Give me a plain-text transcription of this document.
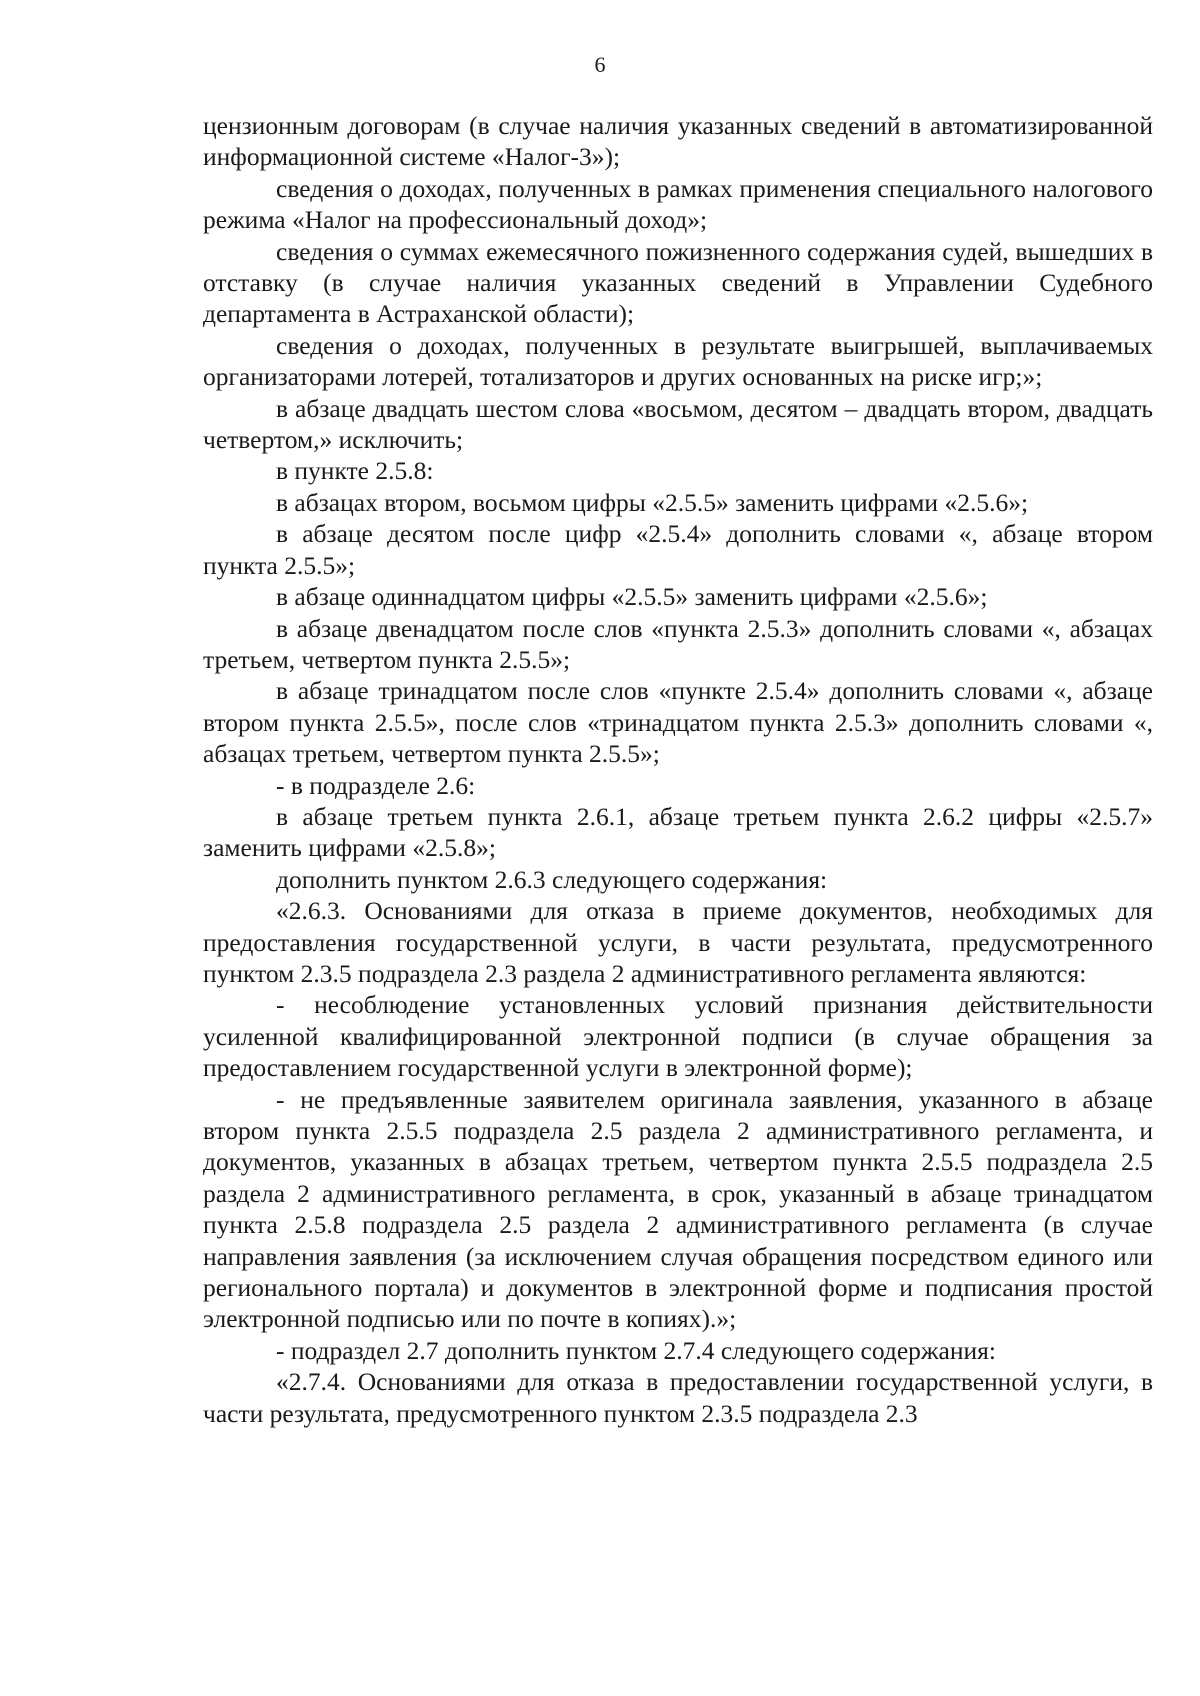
6

цензионным договорам (в случае наличия указанных сведений в автоматизированной информационной системе «Налог-3»);

сведения о доходах, полученных в рамках применения специального налогового режима «Налог на профессиональный доход»;

сведения о суммах ежемесячного пожизненного содержания судей, вышедших в отставку (в случае наличия указанных сведений в Управлении Судебного департамента в Астраханской области);

сведения о доходах, полученных в результате выигрышей, выплачиваемых организаторами лотерей, тотализаторов и других основанных на риске игр;»;

в абзаце двадцать шестом слова «восьмом, десятом – двадцать втором, двадцать четвертом,» исключить;

в пункте 2.5.8:

в абзацах втором, восьмом цифры «2.5.5» заменить цифрами «2.5.6»;

в абзаце десятом после цифр «2.5.4» дополнить словами «, абзаце втором пункта 2.5.5»;

в абзаце одиннадцатом цифры «2.5.5» заменить цифрами «2.5.6»;

в абзаце двенадцатом после слов «пункта 2.5.3» дополнить словами «, абзацах третьем, четвертом пункта 2.5.5»;

в абзаце тринадцатом после слов «пункте 2.5.4» дополнить словами «, абзаце втором пункта 2.5.5», после слов «тринадцатом пункта 2.5.3» дополнить словами «, абзацах третьем, четвертом пункта 2.5.5»;

- в подразделе 2.6:

в абзаце третьем пункта 2.6.1, абзаце третьем пункта 2.6.2 цифры «2.5.7» заменить цифрами «2.5.8»;

дополнить пунктом 2.6.3 следующего содержания:

«2.6.3. Основаниями для отказа в приеме документов, необходимых для предоставления государственной услуги, в части результата, предусмотренного пунктом 2.3.5 подраздела 2.3 раздела 2 административного регламента являются:

- несоблюдение установленных условий признания действительности усиленной квалифицированной электронной подписи (в случае обращения за предоставлением государственной услуги в электронной форме);

- не предъявленные заявителем оригинала заявления, указанного в абзаце втором пункта 2.5.5 подраздела 2.5 раздела 2 административного регламента, и документов, указанных в абзацах третьем, четвертом пункта 2.5.5 подраздела 2.5 раздела 2 административного регламента, в срок, указанный в абзаце тринадцатом пункта 2.5.8 подраздела 2.5 раздела 2 административного регламента (в случае направления заявления (за исключением случая обращения посредством единого или регионального портала) и документов в электронной форме и подписания простой электронной подписью или по почте в копиях).»;

- подраздел 2.7 дополнить пунктом 2.7.4 следующего содержания:

«2.7.4. Основаниями для отказа в предоставлении государственной услуги, в части результата, предусмотренного пунктом 2.3.5 подраздела 2.3
